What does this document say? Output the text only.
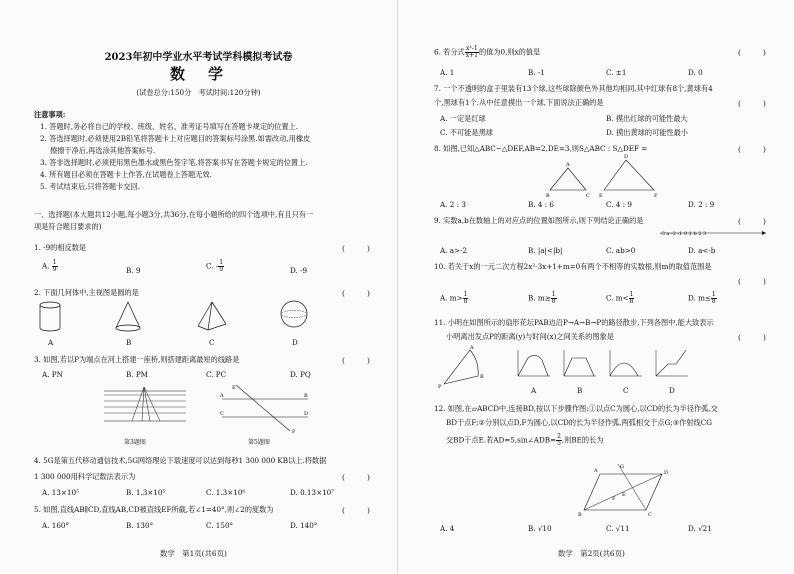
2023年初中学业水平考试学科模拟考试卷
数　学
(试卷总分:150分　考试时间:120分钟)
注意事项:
1. 答题时,务必将自己的学校、班级、姓名、准考证号填写在答题卡规定的位置上.
2. 答选择题时,必须使用2B铅笔将答题卡上对应题目的答案标号涂黑.如需改动,用橡皮
擦擦干净后,再选涂其他答案标号.
3. 答非选择题时,必须使用黑色墨水或黑色签字笔,将答案书写在答题卡规定的位置上.
4. 所有题目必须在答题卡上作答,在试题卷上答题无效.
5. 考试结束后,只将答题卡交回.
一、选择题(本大题共12小题,每小题3分,共36分.在每小题所给的四个选项中,有且只有一
项是符合题目要求的)
1. -9的相反数是	(　　　)
A. $\frac{1}{9}$	B. 9	C. - $\frac{1}{9}$	D. -9
2. 下面几何体中,主视图是圆的是	(　　　)
A	B	C	D
3. 如图,若以P为端点在河上搭建一座桥,则搭建距离最短的线路是	(　　　)
A. PN	B. PM	C. PC	D. PQ
第3题图
E
F
A	B
C	D
第5题图
4. 5G是第五代移动通信技术,5G网络理论下载速度可以达到每秒1 300 000 KB以上.将数据
1 300 000用科学记数法表示为	(　　　)
A. 13×10⁵	B. 1.3×10⁵	C. 1.3×10⁶	D. 0.13×10⁷
5. 如图,直线AB∥CD,直线AB,CD被直线EF所截,若∠1=40°,则∠2的度数为	(　　　)
A. 160°	B. 130°	C. 150°	D. 140°
数学　第1页(共6页)
6. 若分式 $\frac{\text{x²-1}}{x+1}$ 的值为0,则x的值是	(　　　)
A. 1	B. -1	C. ±1	D. 0
7. 一个不透明的盒子里装有13个球,这些球除颜色外其他均相同,其中红球有8个,黄球有4
个,黑球有1个.从中任意摸出一个球,下面说法正确的是	(　　　)
A. 一定是红球	B. 摸出红球的可能性最大
C. 不可能是黑球	D. 摸出黄球的可能性最小
8. 如图,已知△ABC∽△DEF,AB=2,DE=3,则S△ABC : S△DEF =	(　　　)
B
A
C E
D
F
A. 2 : 3	B. 4 : 6	C. 4 : 9	D. 2 : 9
9. 实数a,b在数轴上的对应点的位置如图所示,则下列结论正确的是	(　　　)
-3 a -2 -1 0 1 b 2 3
A. a>-2	B. |a|<|b|	C. ab>0	D. a<-b
10. 若关于x的一元二次方程2x²-3x+1+m=0有两个不相等的实数根,则m的取值范围是
(　　　)
A. $m> \frac{1}{8}$	B. $m\ge \frac{1}{8}$	C. $m< \frac{1}{8}$	D. $m\le \frac{1}{8}$
11. 小明在如图所示的扇形花坛PAB边沿P→A→B→P的路径散步,下列各图中,能大致表示
小明离出发点P的距离(y)与时间(x)之间关系的图象是	(　　　)
P
B
A
A	B	C	D
12. 如图,在▱ABCD中,连接BD,按以下步骤作图:①以点C为圆心,以CD的长为半径作弧,交
BD于点F;②分别以点D,F为圆心,以CD的长为半径作弧,两弧相交于点G;③作射线CG
交BD于点E.若AD=5,sin∠ADB= $\frac{2}{5}$ ,则BE的长为
B
A	D
C
G
E
F
A. 4	B. √10	C. √11	D. √21
数学　第2页(共6页)
